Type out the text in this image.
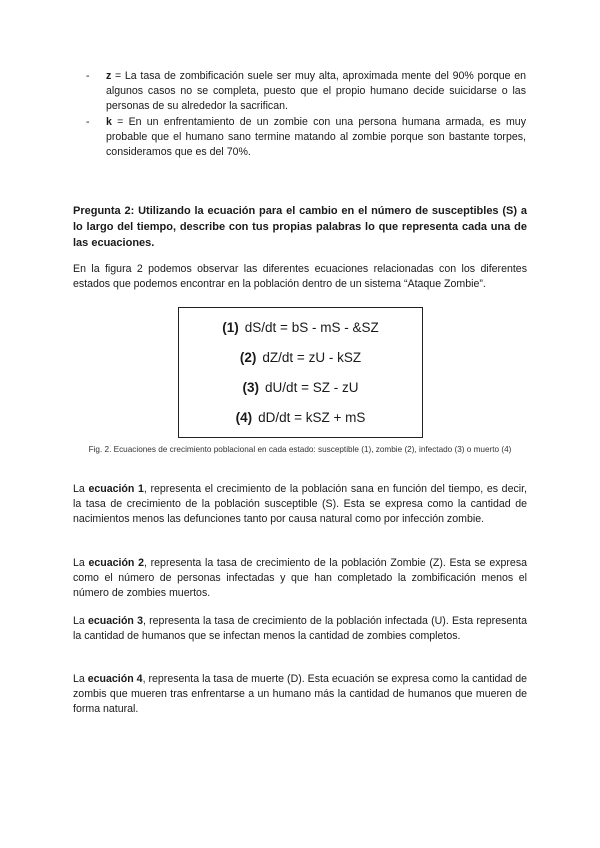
- z = La tasa de zombificación suele ser muy alta, aproximada mente del 90% porque en algunos casos no se completa, puesto que el propio humano decide suicidarse o las personas de su alrededor la sacrifican.
- k = En un enfrentamiento de un zombie con una persona humana armada, es muy probable que el humano sano termine matando al zombie porque son bastante torpes, consideramos que es del 70%.

Pregunta 2: Utilizando la ecuación para el cambio en el número de susceptibles (S) a lo largo del tiempo, describe con tus propias palabras lo que representa cada una de las ecuaciones.

En la figura 2 podemos observar las diferentes ecuaciones relacionadas con los diferentes estados que podemos encontrar en la población dentro de un sistema “Ataque Zombie”.

(1) dS/dt = bS - mS - &SZ
(2) dZ/dt = zU - kSZ
(3) dU/dt = SZ - zU
(4) dD/dt = kSZ + mS

Fig. 2. Ecuaciones de crecimiento poblacional en cada estado: susceptible (1), zombie (2), infectado (3) o muerto (4)

La ecuación 1, representa el crecimiento de la población sana en función del tiempo, es decir, la tasa de crecimiento de la población susceptible (S). Esta se expresa como la cantidad de nacimientos menos las defunciones tanto por causa natural como por infección zombie.

La ecuación 2, representa la tasa de crecimiento de la población Zombie (Z). Esta se expresa como el número de personas infectadas y que han completado la zombificación menos el número de zombies muertos.

La ecuación 3, representa la tasa de crecimiento de la población infectada (U). Esta representa la cantidad de humanos que se infectan menos la cantidad de zombies completos.

La ecuación 4, representa la tasa de muerte (D). Esta ecuación se expresa como la cantidad de zombis que mueren tras enfrentarse a un humano más la cantidad de humanos que mueren de forma natural.
